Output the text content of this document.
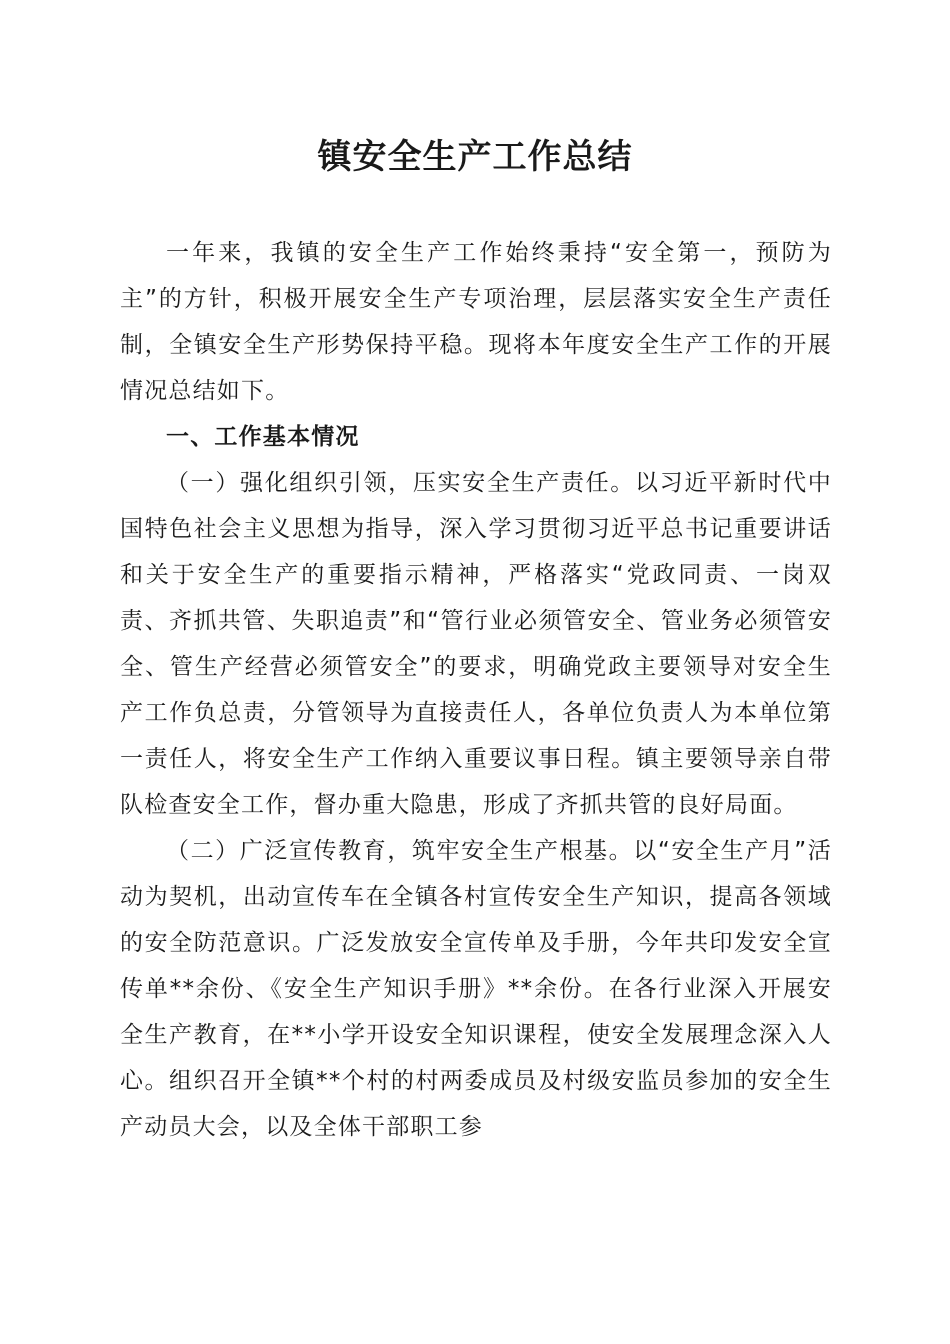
镇安全生产工作总结

一年来，我镇的安全生产工作始终秉持“安全第一，预防为主”的方针，积极开展安全生产专项治理，层层落实安全生产责任制，全镇安全生产形势保持平稳。现将本年度安全生产工作的开展情况总结如下。

一、工作基本情况

（一）强化组织引领，压实安全生产责任。以习近平新时代中国特色社会主义思想为指导，深入学习贯彻习近平总书记重要讲话和关于安全生产的重要指示精神，严格落实“党政同责、一岗双责、齐抓共管、失职追责”和“管行业必须管安全、管业务必须管安全、管生产经营必须管安全”的要求，明确党政主要领导对安全生产工作负总责，分管领导为直接责任人，各单位负责人为本单位第一责任人，将安全生产工作纳入重要议事日程。镇主要领导亲自带队检查安全工作，督办重大隐患，形成了齐抓共管的良好局面。

（二）广泛宣传教育，筑牢安全生产根基。以“安全生产月”活动为契机，出动宣传车在全镇各村宣传安全生产知识，提高各领域的安全防范意识。广泛发放安全宣传单及手册，今年共印发安全宣传单**余份、《安全生产知识手册》**余份。在各行业深入开展安全生产教育，在**小学开设安全知识课程，使安全发展理念深入人心。组织召开全镇**个村的村两委成员及村级安监员参加的安全生产动员大会，以及全体干部职工参
